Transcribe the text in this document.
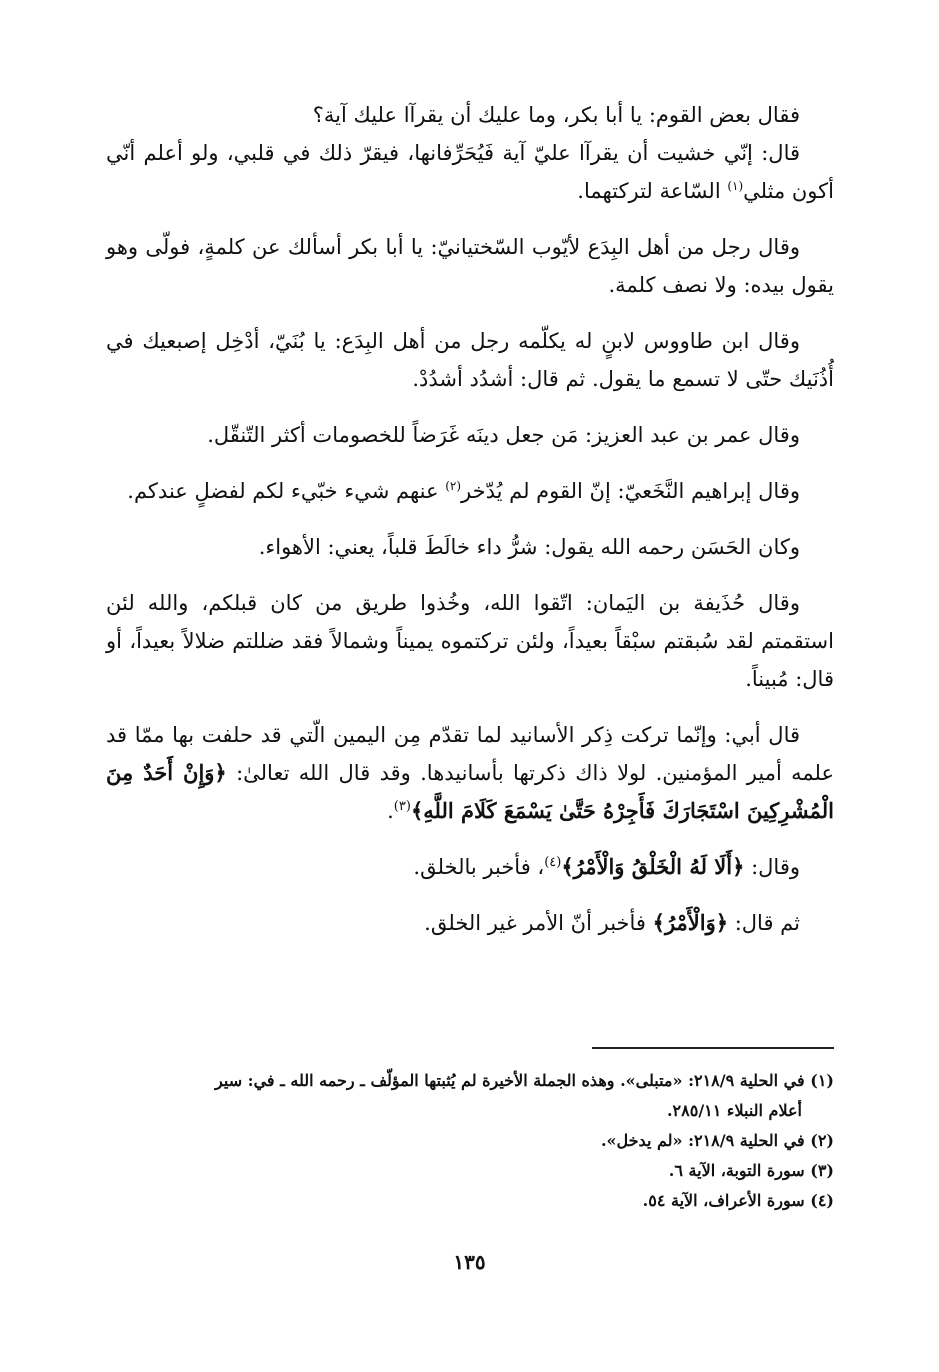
فقال بعض القوم: يا أبا بكر، وما عليك أن يقرآا عليك آية؟

قال: إنّي خشيت أن يقرآا عليّ آية فَيُحَرِّفانها، فيقرّ ذلك في قلبي، ولو أعلم أنّي أكون مثلي$^{(١)}$ السّاعة لتركتهما.

وقال رجل من أهل البِدَع لأيّوب السّختيانيّ: يا أبا بكر أسألك عن كلمةٍ، فولّى وهو يقول بيده: ولا نصف كلمة.

وقال ابن طاووس لابنٍ له يكلّمه رجل من أهل البِدَع: يا بُنَيّ، أدْخِل إصبعيك في أُذُنَيك حتّى لا تسمع ما يقول. ثم قال: أشدُد أشدُدْ.

وقال عمر بن عبد العزيز: مَن جعل دينَه غَرَضاً للخصومات أكثر التّنقّل.

وقال إبراهيم النَّخَعيّ: إنّ القوم لم يُدّخر$^{(٢)}$ عنهم شيء خبّيء لكم لفضلٍ عندكم.

وكان الحَسَن رحمه الله يقول: شرُّ داء خالَطَ قلباً، يعني: الأهواء.

وقال حُذَيفة بن اليَمان: اتّقوا الله، وخُذوا طريق من كان قبلكم، والله لئن استقمتم لقد سُبقتم سبْقاً بعيداً، ولئن تركتموه يميناً وشمالاً فقد ضللتم ضلالاً بعيداً، أو قال: مُبيناً.

قال أبي: وإنّما تركت ذِكر الأسانيد لما تقدّم مِن اليمين الّتي قد حلفت بها ممّا قد علمه أمير المؤمنين. لولا ذاك ذكرتها بأسانيدها. وقد قال الله تعالىٰ: ﴿وَإِنْ أَحَدٌ مِنَ الْمُشْرِكِينَ اسْتَجَارَكَ فَأَجِرْهُ حَتَّىٰ يَسْمَعَ كَلَامَ اللَّهِ﴾$^{(٣)}$.

وقال: ﴿أَلَا لَهُ الْخَلْقُ وَالْأَمْرُ﴾$^{(٤)}$، فأخبر بالخلق.

ثم قال: ﴿وَالْأَمْرُ﴾ فأخبر أنّ الأمر غير الخلق.

(١) في الحلية ٢١٨/٩: «متبلى». وهذه الجملة الأخيرة لم يُثبتها المؤلّف ـ رحمه الله ـ في: سير

أعلام النبلاء ٢٨٥/١١.

(٢) في الحلية ٢١٨/٩: «لم يدخل».

(٣) سورة التوبة، الآية ٦.

(٤) سورة الأعراف، الآية ٥٤.

١٣٥
